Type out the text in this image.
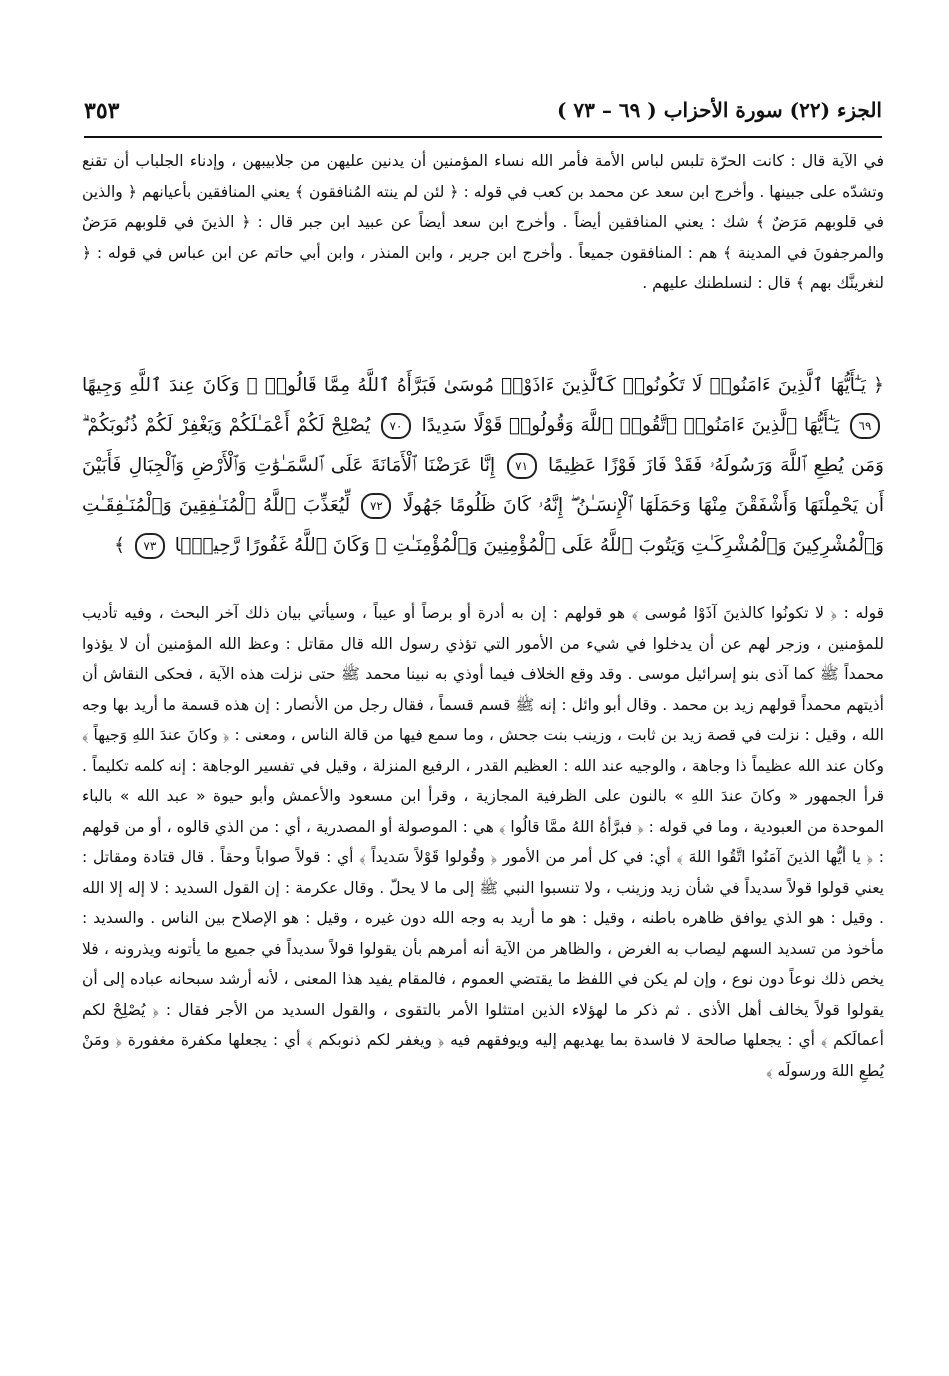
الجزء (٢٢) سورة الأحزاب ( ٦٩ – ٧٣ )
٣٥٣

في الآية قال : كانت الحرّة تلبس لباس الأمة فأمر الله نساء المؤمنين أن يدنين عليهن من جلابيبهن ، وإدناء الجلباب أن تقنع وتشدّه على جبينها . وأخرج ابن سعد عن محمد بن كعب في قوله : ﴿ لئن لم ينته المُنافقون ﴾ يعني المنافقين بأعيانهم ﴿ والذين في قلوبهم مَرَضٌ ﴾ شك : يعني المنافقين أيضاً . وأخرج ابن سعد أيضاً عن عبيد ابن جبر قال : ﴿ الذينَ في قلوبهم مَرَضٌ والمرجفونَ في المدينة ﴾ هم : المنافقون جميعاً . وأخرج ابن جرير ، وابن المنذر ، وابن أبي حاتم عن ابن عباس في قوله : ﴿ لنغرينَّك بهم ﴾ قال : لنسلطنك عليهم .

﴿ يَـٰٓأَيُّهَا ٱلَّذِينَ ءَامَنُوا۟ لَا تَكُونُوا۟ كَٱلَّذِينَ ءَاذَوْا۟ مُوسَىٰ فَبَرَّأَهُ ٱللَّهُ مِمَّا قَالُوا۟ ۚ وَكَانَ عِندَ ٱللَّهِ وَجِيهًا ٦٩ يَـٰٓأَيُّهَا ٱلَّذِينَ ءَامَنُوا۟ ٱتَّقُوا۟ ٱللَّهَ وَقُولُوا۟ قَوْلًا سَدِيدًا ٧٠ يُصْلِحْ لَكُمْ أَعْمَـٰلَكُمْ وَيَغْفِرْ لَكُمْ ذُنُوبَكُمْ ۗ وَمَن يُطِعِ ٱللَّهَ وَرَسُولَهُۥ فَقَدْ فَازَ فَوْزًا عَظِيمًا ٧١ إِنَّا عَرَضْنَا ٱلْأَمَانَةَ عَلَى ٱلسَّمَـٰوَٰتِ وَٱلْأَرْضِ وَٱلْجِبَالِ فَأَبَيْنَ أَن يَحْمِلْنَهَا وَأَشْفَقْنَ مِنْهَا وَحَمَلَهَا ٱلْإِنسَـٰنُ ۖ إِنَّهُۥ كَانَ ظَلُومًا جَهُولًا ٧٢ لِّيُعَذِّبَ ٱللَّهُ ٱلْمُنَـٰفِقِينَ وَٱلْمُنَـٰفِقَـٰتِ وَٱلْمُشْرِكِينَ وَٱلْمُشْرِكَـٰتِ وَيَتُوبَ ٱللَّهُ عَلَى ٱلْمُؤْمِنِينَ وَٱلْمُؤْمِنَـٰتِ ۗ وَكَانَ ٱللَّهُ غَفُورًا رَّحِيمًۢا ٧٣ ﴾

قوله : ﴿ لا تكونُوا كالذينَ آذَوْا مُوسى ﴾ هو قولهم : إن به أدرة أو برصاً أو عيباً ، وسيأتي بيان ذلك آخر البحث ، وفيه تأديب للمؤمنين ، وزجر لهم عن أن يدخلوا في شيء من الأمور التي تؤذي رسول الله قال مقاتل : وعظ الله المؤمنين أن لا يؤذوا محمداً ﷺ كما آذى بنو إسرائيل موسى . وقد وقع الخلاف فيما أوذي به نبينا محمد ﷺ حتى نزلت هذه الآية ، فحكى النقاش أن أذيتهم محمداً قولهم زيد بن محمد . وقال أبو وائل : إنه ﷺ قسم قسماً ، فقال رجل من الأنصار : إن هذه قسمة ما أريد بها وجه الله ، وقيل : نزلت في قصة زيد بن ثابت ، وزينب بنت جحش ، وما سمع فيها من قالة الناس ، ومعنى : ﴿ وكانَ عندَ اللهِ وَجيهاً ﴾ وكان عند الله عظيماً ذا وجاهة ، والوجيه عند الله : العظيم القدر ، الرفيع المنزلة ، وقيل في تفسير الوجاهة : إنه كلمه تكليماً . قرأ الجمهور « وكانَ عندَ اللهِ » بالنون على الظرفية المجازية ، وقرأ ابن مسعود والأعمش وأبو حيوة « عبد الله » بالباء الموحدة من العبودية ، وما في قوله : ﴿ فبرَّأهُ اللهُ ممَّا قالُوا ﴾ هي : الموصولة أو المصدرية ، أي : من الذي قالوه ، أو من قولهم : ﴿ يا أيُّها الذينَ آمَنُوا اتَّقُوا اللهَ ﴾ أي: في كل أمر من الأمور ﴿ وقُولوا قَوْلاً سَديداً ﴾ أي : قولاً صواباً وحقاً . قال قتادة ومقاتل : يعني قولوا قولاً سديداً في شأن زيد وزينب ، ولا تنسبوا النبي ﷺ إلى ما لا يحلّ . وقال عكرمة : إن القول السديد : لا إله إلا الله . وقيل : هو الذي يوافق ظاهره باطنه ، وقيل : هو ما أريد به وجه الله دون غيره ، وقيل : هو الإصلاح بين الناس . والسديد : مأخوذ من تسديد السهم ليصاب به الغرض ، والظاهر من الآية أنه أمرهم بأن يقولوا قولاً سديداً في جميع ما يأتونه ويذرونه ، فلا يخص ذلك نوعاً دون نوع ، وإن لم يكن في اللفظ ما يقتضي العموم ، فالمقام يفيد هذا المعنى ، لأنه أرشد سبحانه عباده إلى أن يقولوا قولاً يخالف أهل الأذى . ثم ذكر ما لهؤلاء الذين امتثلوا الأمر بالتقوى ، والقول السديد من الأجر فقال : ﴿ يُصْلِحْ لكم أعمالَكم ﴾ أي : يجعلها صالحة لا فاسدة بما يهديهم إليه ويوفقهم فيه ﴿ ويغفر لكم ذنوبكم ﴾ أي : يجعلها مكفرة مغفورة ﴿ ومَنْ يُطعِ اللهَ ورسولَه ﴾
